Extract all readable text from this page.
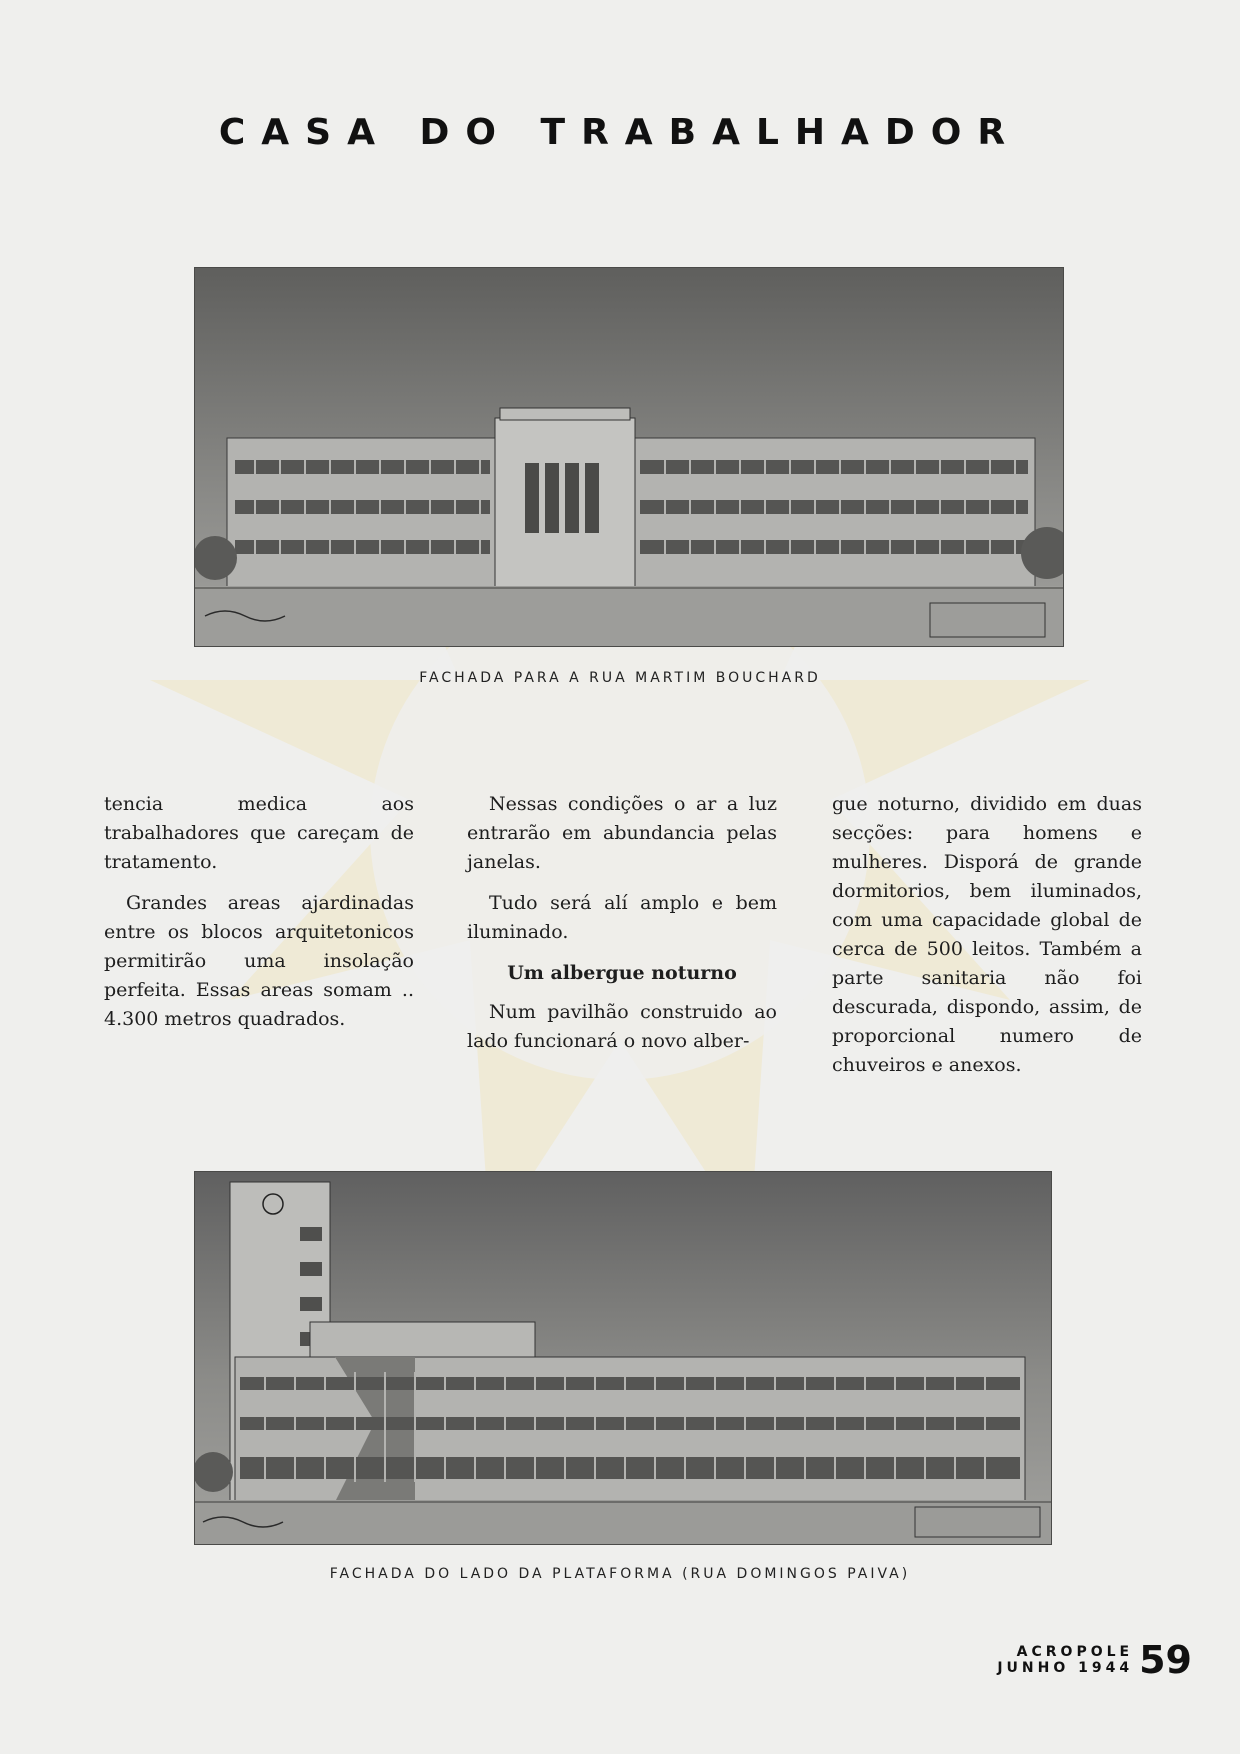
CASA DO TRABALHADOR
FACHADA PARA A RUA MARTIM BOUCHARD

tencia medica aos trabalhadores que careçam de tratamento.

Grandes areas ajardinadas entre os blocos arquitetonicos permitirão uma insolação perfeita. Essas areas somam .. 4.300 metros quadrados.

Nessas condições o ar a luz entrarão em abundancia pelas janelas.

Tudo será alí amplo e bem iluminado.

Um albergue noturno

Num pavilhão construido ao lado funcionará o novo alber-

gue noturno, dividido em duas secções: para homens e mulheres. Disporá de grande dormitorios, bem iluminados, com uma capacidade global de cerca de 500 leitos. Também a parte sanitaria não foi descurada, dispondo, assim, de proporcional numero de chuveiros e anexos.

FACHADA DO LADO DA PLATAFORMA (RUA DOMINGOS PAIVA)
ACROPOLE
JUNHO 1944 59
